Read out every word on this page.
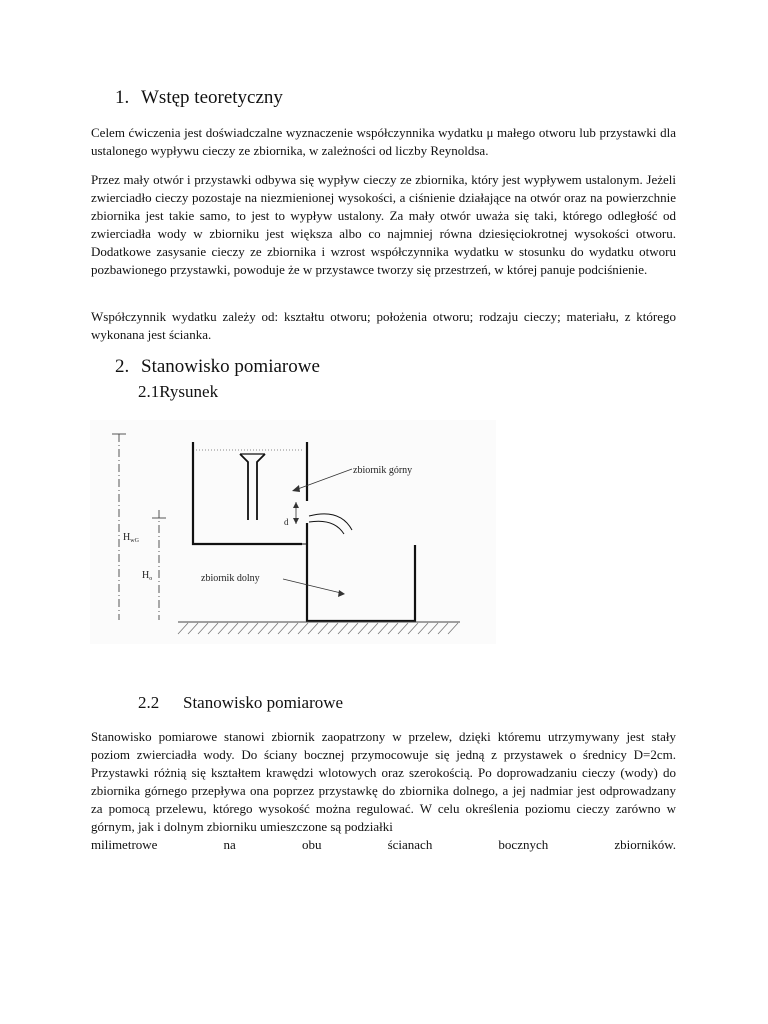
1. Wstęp teoretyczny

Celem ćwiczenia jest doświadczalne wyznaczenie współczynnika wydatku μ małego otworu lub przystawki dla ustalonego wypływu cieczy ze zbiornika, w zależności od liczby Reynoldsa.

Przez mały otwór i przystawki odbywa się wypływ cieczy ze zbiornika, który jest wypływem ustalonym. Jeżeli zwierciadło cieczy pozostaje na niezmienionej wysokości, a ciśnienie działające na otwór oraz na powierzchnie zbiornika jest takie samo, to jest to wypływ ustalony. Za mały otwór uważa się taki, którego odległość od zwierciadła wody w zbiorniku jest większa albo co najmniej równa dziesięciokrotnej wysokości otworu. Dodatkowe zasysanie cieczy ze zbiornika i wzrost współczynnika wydatku w stosunku do wydatku otworu pozbawionego przystawki, powoduje że w przystawce tworzy się przestrzeń, w której panuje podciśnienie.

Współczynnik wydatku zależy od: kształtu otworu; położenia otworu; rodzaju cieczy; materiału, z którego wykonana jest ścianka.

2. Stanowisko pomiarowe
2.1Rysunek
$H_{wG}$
$H_o$
d
zbiornik górny
zbiornik dolny
2.2 Stanowisko pomiarowe

Stanowisko pomiarowe stanowi zbiornik zaopatrzony w przelew, dzięki któremu utrzymywany jest stały poziom zwierciadła wody. Do ściany bocznej przymocowuje się jedną z przystawek o średnicy D=2cm. Przystawki różnią się kształtem krawędzi wlotowych oraz szerokością. Po doprowadzaniu cieczy (wody) do zbiornika górnego przepływa ona poprzez przystawkę do zbiornika dolnego, a jej nadmiar jest odprowadzany za pomocą przelewu, którego wysokość można regulować. W celu określenia poziomu cieczy zarówno w górnym, jak i dolnym zbiorniku umieszczone są podziałki

milimetrowe na obu ścianach bocznych zbiorników.
